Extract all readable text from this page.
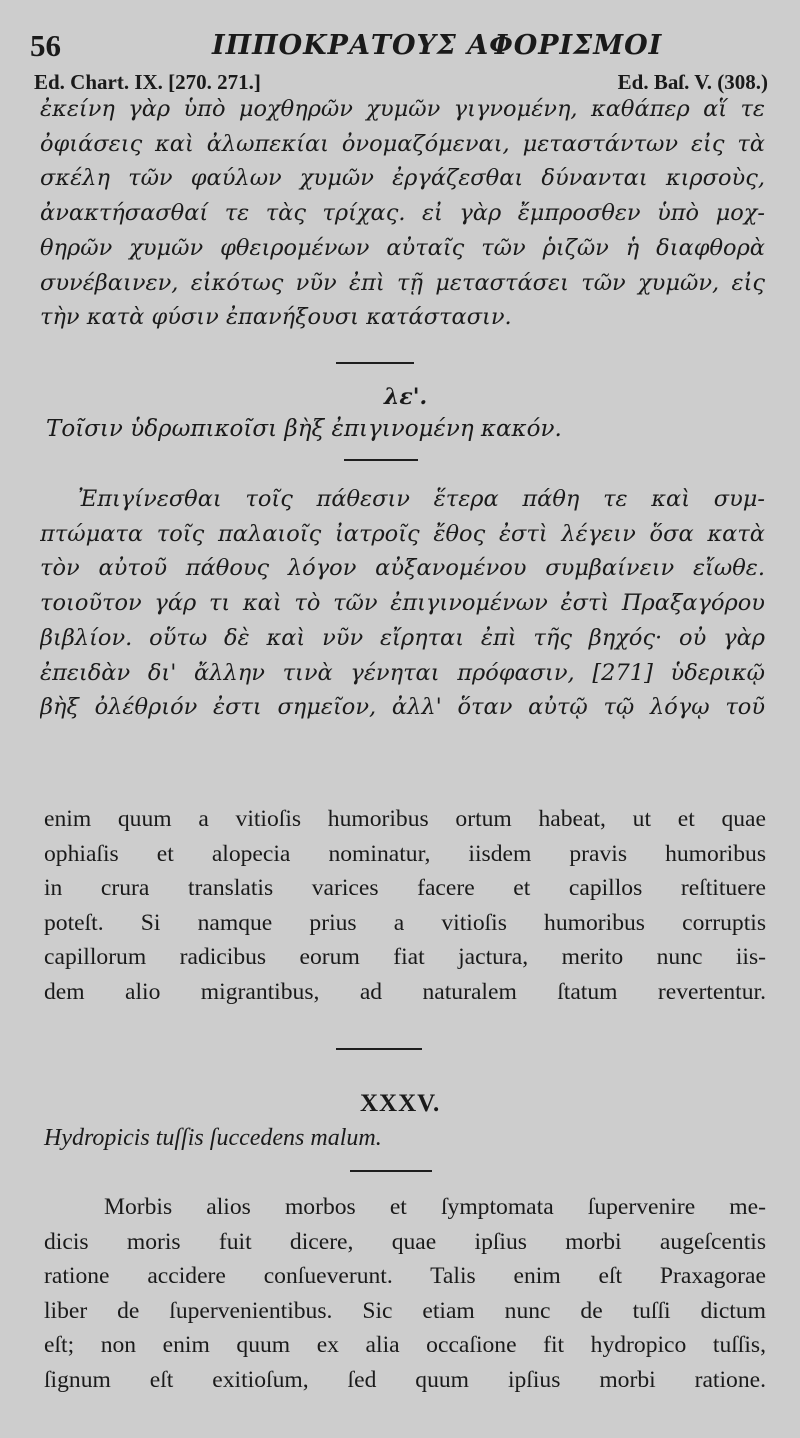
56	ΙΠΠΟΚΡΑΤΟΥΣ ΑΦΟΡΙΣΜΟΙ
Ed. Chart. IX. [270. 271.]	Ed. Baſ. V. (308.)
ἐκείνη γὰρ ὑπὸ μοχθηρῶν χυμῶν γιγνομένη, καθάπερ αἵ τε
ὀφιάσεις καὶ ἀλωπεκίαι ὀνομαζόμεναι, μεταστάντων εἰς τὰ
σκέλη τῶν φαύλων χυμῶν ἐργάζεσθαι δύνανται κιρσοὺς,
ἀνακτήσασθαί τε τὰς τρίχας. εἰ γὰρ ἔμπροσθεν ὑπὸ μοχ-
θηρῶν χυμῶν φθειρομένων αὐταῖς τῶν ῥιζῶν ἡ διαφθορὰ
συνέβαινεν, εἰκότως νῦν ἐπὶ τῇ μεταστάσει τῶν χυμῶν, εἰς
τὴν κατὰ φύσιν ἐπανήξουσι κατάστασιν.
λε'.
Τοῖσιν ὑδρωπικοῖσι βὴξ ἐπιγινομένη κακόν.
Ἐπιγίνεσθαι τοῖς πάθεσιν ἕτερα πάθη τε καὶ συμ-
πτώματα τοῖς παλαιοῖς ἰατροῖς ἔθος ἐστὶ λέγειν ὅσα κατὰ
τὸν αὐτοῦ πάθους λόγον αὐξανομένου συμβαίνειν εἴωθε.
τοιοῦτον γάρ τι καὶ τὸ τῶν ἐπιγινομένων ἐστὶ Πραξαγόρου
βιβλίον. οὕτω δὲ καὶ νῦν εἴρηται ἐπὶ τῆς βηχός· οὐ γὰρ
ἐπειδὰν δι' ἄλλην τινὰ γένηται πρόφασιν, [271] ὑδερικῷ
βὴξ ὀλέθριόν ἐστι σημεῖον, ἀλλ' ὅταν αὐτῷ τῷ λόγῳ τοῦ
enim quum a vitioſis humoribus ortum habeat, ut et quae
ophiaſis et alopecia nominatur, iisdem pravis humoribus
in crura translatis varices facere et capillos reſtituere
poteſt. Si namque prius a vitioſis humoribus corruptis
capillorum radicibus eorum fiat jactura, merito nunc iis-
dem alio migrantibus, ad naturalem ſtatum revertentur.
XXXV.
Hydropicis tuſſis ſuccedens malum.
Morbis alios morbos et ſymptomata ſupervenire me-
dicis moris fuit dicere, quae ipſius morbi augeſcentis
ratione accidere conſueverunt. Talis enim eſt Praxagorae
liber de ſupervenientibus. Sic etiam nunc de tuſſi dictum
eſt; non enim quum ex alia occaſione fit hydropico tuſſis,
ſignum eſt exitioſum, ſed quum ipſius morbi ratione.
